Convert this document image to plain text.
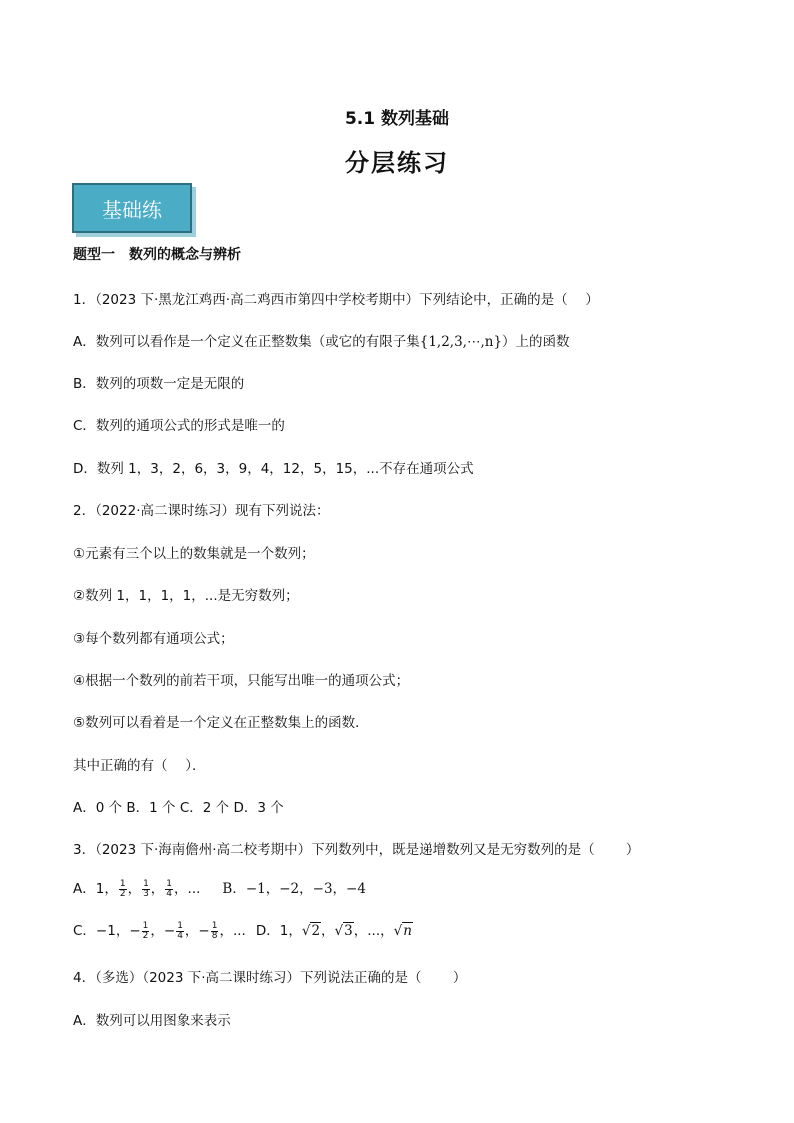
5.1 数列基础
分层练习
基础练
题型一　数列的概念与辨析
1．（2023 下·黑龙江鸡西·高二鸡西市第四中学校考期中）下列结论中，正确的是（　 ）
A．数列可以看作是一个定义在正整数集（或它的有限子集{1,2,3,⋯,n}）上的函数
B．数列的项数一定是无限的
C．数列的通项公式的形式是唯一的
D．数列 1，3，2，6，3，9，4，12，5，15，...不存在通项公式
2．（2022·高二课时练习）现有下列说法：
①元素有三个以上的数集就是一个数列；
②数列 1，1，1，1，...是无穷数列；
③每个数列都有通项公式；
④根据一个数列的前若干项，只能写出唯一的通项公式；
⑤数列可以看着是一个定义在正整数集上的函数．
其中正确的有（　 ）．
A．0 个 B．1 个 C．2 个 D．3 个
3．（2023 下·海南儋州·高二校考期中）下列数列中，既是递增数列又是无穷数列的是（　　 ）
A．1， $\frac{1}{2}$ ， $\frac{1}{3}$ ， $\frac{1}{4}$ ，... B．−1，−2，−3，−4
C．−1，− $\frac{1}{2}$ ，− $\frac{1}{4}$ ，− $\frac{1}{8}$ ，... D．1，√2，√3，...，√n
4．（多选）（2023 下·高二课时练习）下列说法正确的是（　　 ）
A．数列可以用图象来表示
